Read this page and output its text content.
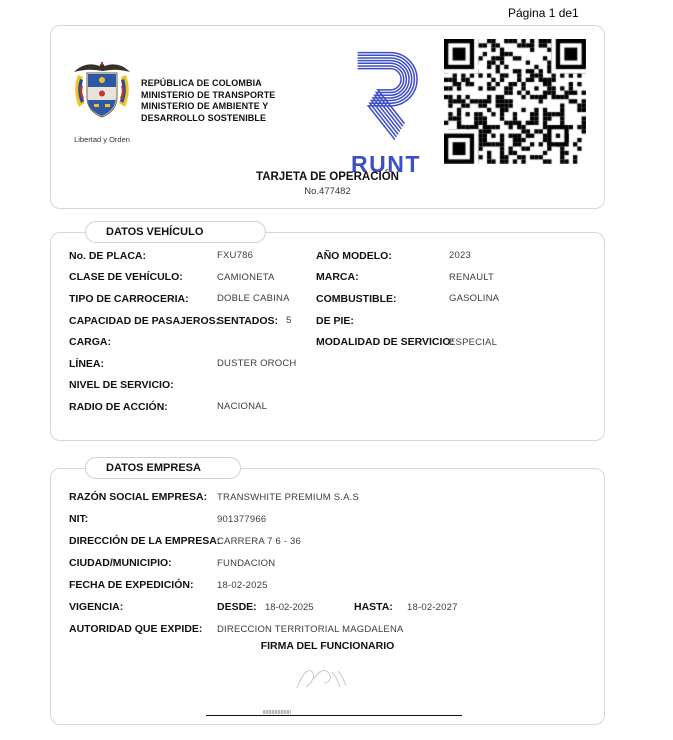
Página 1 de1
Libertad y Orden
REPÚBLICA DE COLOMBIA
MINISTERIO DE TRANSPORTE
MINISTERIO DE AMBIENTE Y
DESARROLLO SOSTENIBLE
RUNT
TARJETA DE OPERACIÓN
No.477482
DATOS VEHÍCULO
No. DE PLACA:	FXU786
CLASE DE VEHÍCULO:	CAMIONETA
TIPO DE CARROCERIA:	DOBLE CABINA
CAPACIDAD DE PASAJEROS:
SENTADOS: 5
CARGA:
LÍNEA:	DUSTER OROCH
NIVEL DE SERVICIO:
RADIO DE ACCIÓN:	NACIONAL
AÑO MODELO:	2023
MARCA:	RENAULT
COMBUSTIBLE:	GASOLINA
DE PIE:
MODALIDAD DE SERVICIO:
ESPECIAL
DATOS EMPRESA
RAZÓN SOCIAL EMPRESA:	TRANSWHITE PREMIUM S.A.S
NIT:	901377966
DIRECCIÓN DE LA EMPRESA:
CARRERA 7 6 - 36
CIUDAD/MUNICIPIO:	FUNDACION
FECHA DE EXPEDICIÓN:	18-02-2025
VIGENCIA:	DESDE: 18-02-2025	HASTA:	18-02-2027
AUTORIDAD QUE EXPIDE:	DIRECCION TERRITORIAL MAGDALENA
FIRMA DEL FUNCIONARIO
